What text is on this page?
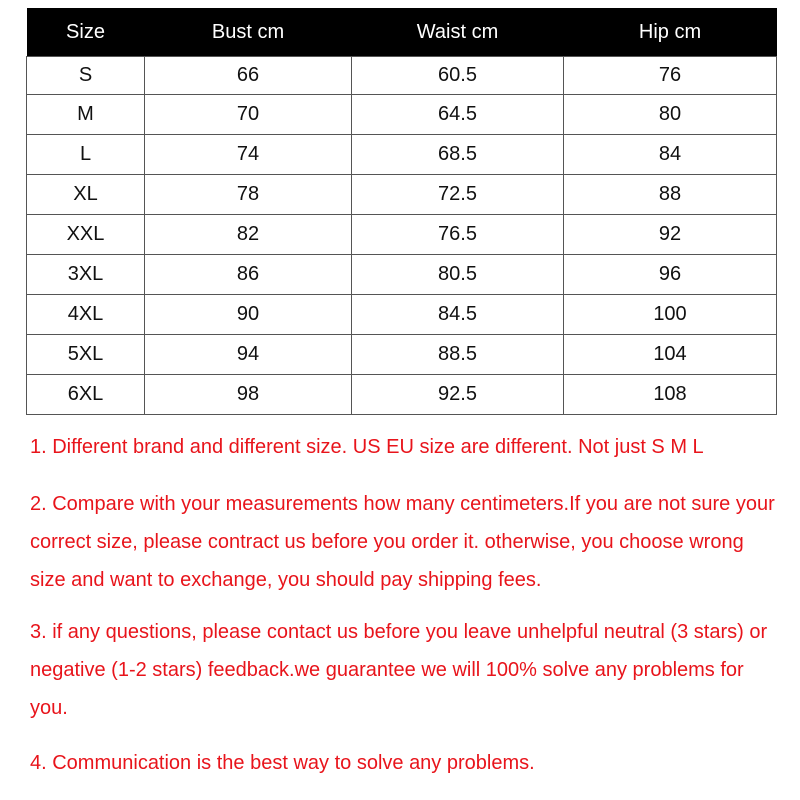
Size	Bust cm	Waist cm	Hip cm
S	66	60.5	76
M	70	64.5	80
L	74	68.5	84
XL	78	72.5	88
XXL	82	76.5	92
3XL	86	80.5	96
4XL	90	84.5	100
5XL	94	88.5	104
6XL	98	92.5	108

1. Different brand and different size. US EU size are different. Not just S M L

2. Compare with your measurements how many centimeters.If you are not sure your correct size, please contract us before you order it. otherwise, you choose wrong size and want to exchange, you should pay shipping fees.

3. if any questions, please contact us before you leave unhelpful neutral (3 stars) or negative (1-2 stars) feedback.we guarantee we will 100% solve any problems for you.

4. Communication is the best way to solve any problems.
